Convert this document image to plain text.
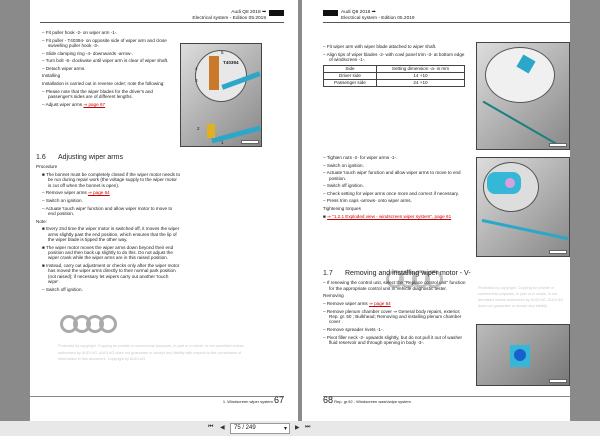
Audi Q8 2018 ➡
Electrical system - Edition 05.2019

– Fit puller hook -2- on wiper arm -1-.

– Fit puller - T40394- on opposite side of wiper arm and close swivelling puller hook -3-.

– Slide clamping ring -4- downwards -arrow-.

– Turn bolt -5- clockwise until wiper arm is clear of wiper shaft.

– Detach wiper arms.

Installing

Installation is carried out in reverse order; note the following:

– Please note that the wiper blades for the driver's and passenger's sides are of different lengths.

– Adjust wiper arms ⇒ page 67

T40394
5
4
3
2
1
1.6 Adjusting wiper arms

Procedure

■ The bonnet must be completely closed if the wiper motor needs to be run during repair work (the voltage supply to the wiper motor is cut off when the bonnet is open).

– Remove wiper arms ⇒ page 64

– Switch on ignition.

– Actuate 'touch wipe' function and allow wiper motor to move to end position.

Note:

■ Every 2nd time the wiper motor is switched off, it moves the wiper arms slightly past the end position, which ensures that the lip of the wiper blade is tipped the other way.

■ The wiper motor moves the wiper arms down beyond their end position and then back up slightly to do this. Do not adjust the wiper crank while the wiper arms are in this raised position.

■ Instead, carry out adjustment or checks only after the wiper motor has moved the wiper arms directly to their normal park position (not raised); if necessary let wipers carry out another 'touch wipe'.

– Switch off ignition.

Protected by copyright. Copying for private or commercial purposes, in part or in whole, is not permitted unless authorised by AUDI AG. AUDI AG does not guarantee or accept any liability with respect to the correctness of information in this document. Copyright by AUDI AG.
1. Windscreen wiper system 67
Audi Q8 2018 ➡
Electrical system - Edition 05.2019

– Fit wiper arm with wiper blade attached to wiper shaft.

– Align tips of wiper blades -2- with cowl panel trim -3- at bottom edge of windscreen -1-.

Side	Setting dimension -a- in mm
Driver side	14 +10
Passenger side	24 +10

– Tighten nuts -2- for wiper arms -1-.

– Switch on ignition.

– Actuate 'touch wipe' function and allow wiper arms to move to end position.

– Switch off ignition.

– Check setting for wiper arms once more and correct if necessary.

– Press trim caps -arrows- onto wiper arms.

Tightening torques

■ ⇒ "1.2.1 Exploded view - windscreen wiper system", page 61

1.7 Removing and installing wiper motor - V-

– If renewing the control unit, select the "Replace control unit" function for the appropriate control unit in Vehicle diagnostic tester.

Removing

– Remove wiper arms ⇒ page 64

– Remove plenum chamber cover ⇒ General body repairs, exterior; Rep. gr. 50 ; Bulkhead; Removing and installing plenum chamber cover .

– Remove spreader rivets -1-.

– Pivot filler neck -2- upwards slightly, but do not pull it out of washer fluid reservoir and through opening in body -3-.

Protected by copyright. Copying for private or commercial purposes, in part or in whole, is not permitted unless authorised by AUDI AG. AUDI AG does not guarantee or accept any liability
68 Rep. gr.92 - Windscreen wash/wipe system
⏮ ◀	75 / 249	▾ ▶ ⏭
